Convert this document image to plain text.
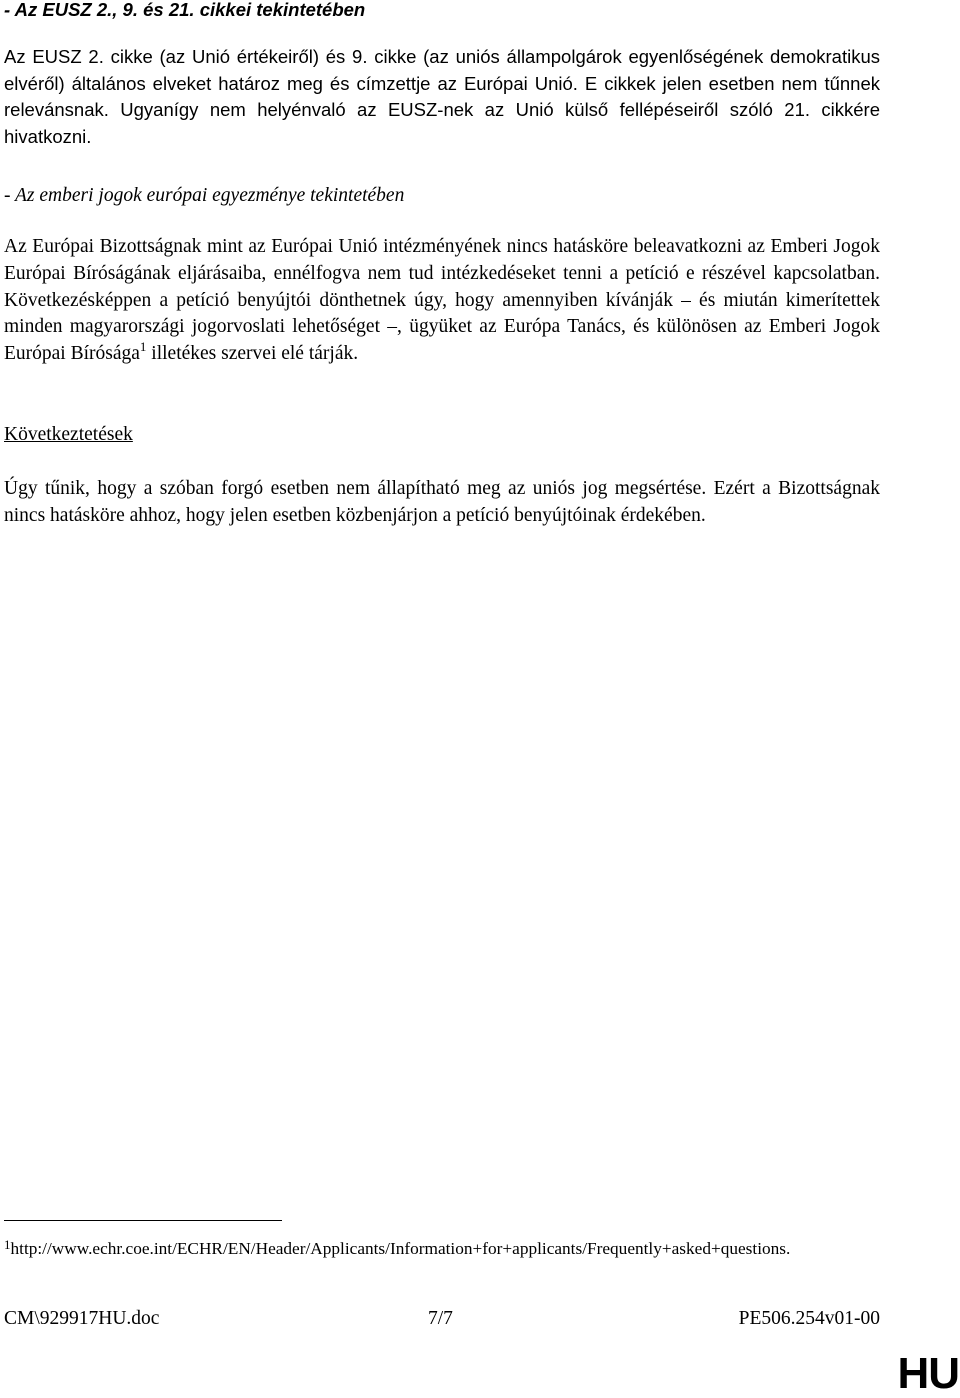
- Az EUSZ 2., 9. és 21. cikkei tekintetében

Az EUSZ 2. cikke (az Unió értékeiről) és 9. cikke (az uniós állampolgárok egyenlőségének demokratikus elvéről) általános elveket határoz meg és címzettje az Európai Unió. E cikkek jelen esetben nem tűnnek relevánsnak. Ugyanígy nem helyénvaló az EUSZ-nek az Unió külső fellépéseiről szóló 21. cikkére hivatkozni.

- Az emberi jogok európai egyezménye tekintetében

Az Európai Bizottságnak mint az Európai Unió intézményének nincs hatásköre beleavatkozni az Emberi Jogok Európai Bíróságának eljárásaiba, ennélfogva nem tud intézkedéseket tenni a petíció e részével kapcsolatban. Következésképpen a petíció benyújtói dönthetnek úgy, hogy amennyiben kívánják – és miután kimerítettek minden magyarországi jogorvoslati lehetőséget –, ügyüket az Európa Tanács, és különösen az Emberi Jogok Európai Bírósága$^1$ illetékes szervei elé tárják.

Következtetések

Úgy tűnik, hogy a szóban forgó esetben nem állapítható meg az uniós jog megsértése. Ezért a Bizottságnak nincs hatásköre ahhoz, hogy jelen esetben közbenjárjon a petíció benyújtóinak érdekében.

$^1$http://www.echr.coe.int/ECHR/EN/Header/Applicants/Information+for+applicants/Frequently+asked+questions.
CM\929917HU.doc	7/7	PE506.254v01-00
HU
